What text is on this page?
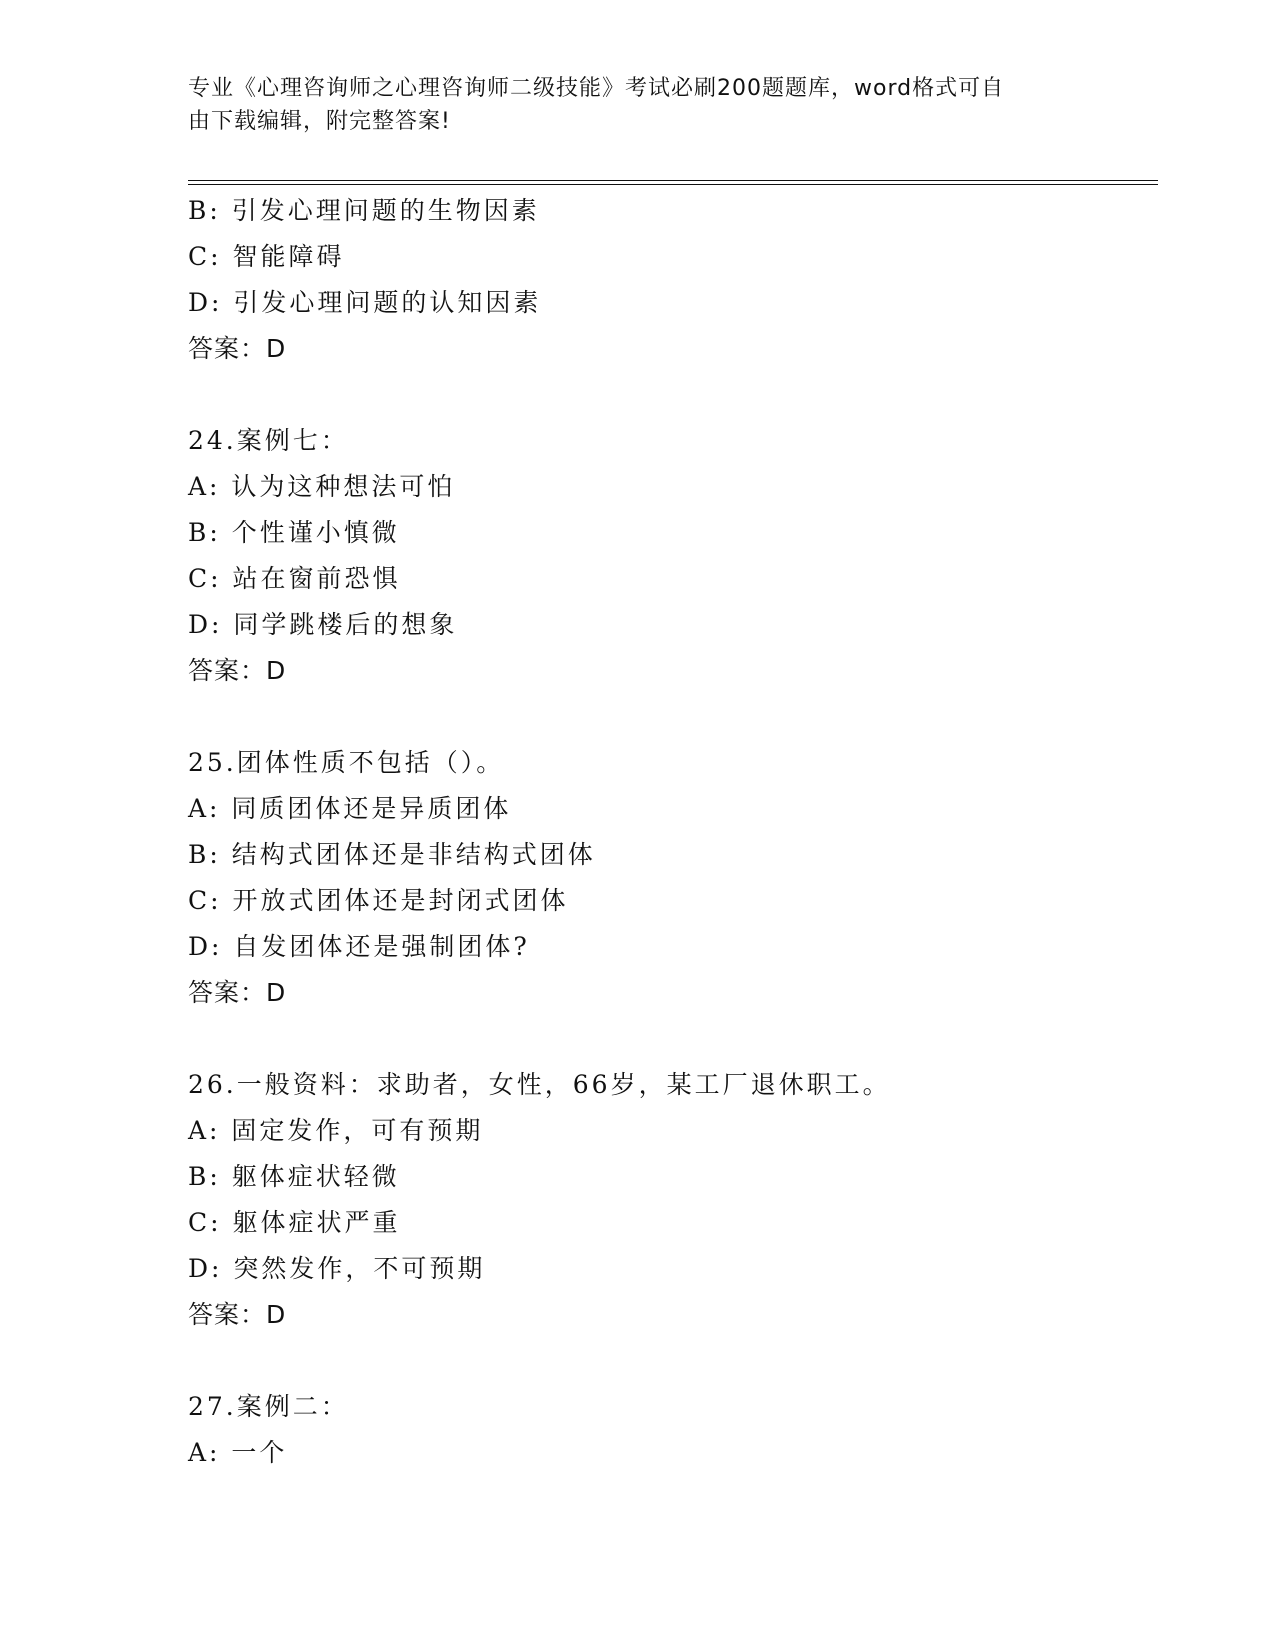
专业《心理咨询师之心理咨询师二级技能》考试必刷200题题库，word格式可自
由下载编辑，附完整答案!
B: 引发心理问题的生物因素
C: 智能障碍
D: 引发心理问题的认知因素
答案：D
24.案例七：
A: 认为这种想法可怕
B: 个性谨小慎微
C: 站在窗前恐惧
D: 同学跳楼后的想象
答案：D
25.团体性质不包括（）。
A: 同质团体还是异质团体
B: 结构式团体还是非结构式团体
C: 开放式团体还是封闭式团体
D: 自发团体还是强制团体?
答案：D
26.一般资料：求助者，女性，66岁，某工厂退休职工。
A: 固定发作，可有预期
B: 躯体症状轻微
C: 躯体症状严重
D: 突然发作，不可预期
答案：D
27.案例二：
A: 一个
